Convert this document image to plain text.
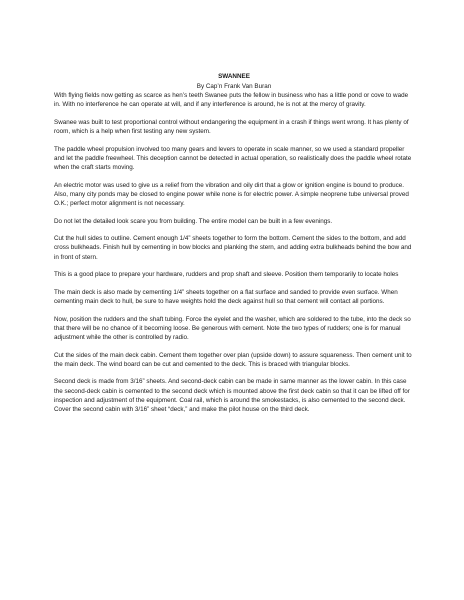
SWANNEE
By Cap’n Frank Van Buran

With flying fields now getting as scarce as hen’s teeth Swanee puts the fellow in business who has a little pond or cove to wade in. With no interference he can operate at will, and if any interference is around, he is not at the mercy of gravity.

Swanee was built to test proportional control without endangering the equipment in a crash if things went wrong. It has plenty of room, which is a help when first testing any new system.

The paddle wheel propulsion involved too many gears and levers to operate in scale manner, so we used a standard propeller and let the paddle freewheel. This deception cannot be detected in actual operation, so realistically does the paddle wheel rotate when the craft starts moving.

An electric motor was used to give us a relief from the vibration and oily dirt that a glow or ignition engine is bound to produce. Also, many city ponds may be closed to engine power while none is for electric power. A simple neoprene tube universal proved O.K.; perfect motor alignment is not necessary.

Do not let the detailed look scare you from building. The entire model can be built in a few evenings.

Cut the hull sides to outline. Cement enough 1/4” sheets together to form the bottom. Cement the sides to the bottom, and add cross bulkheads. Finish hull by cementing in bow blocks and planking the stern, and adding extra bulkheads behind the bow and in front of stern.

This is a good place to prepare your hardware, rudders and prop shaft and sleeve. Position them temporarily to locate holes

The main deck is also made by cementing 1/4” sheets together on a flat surface and sanded to provide even surface. When cementing main deck to hull, be sure to have weights hold the deck against hull so that cement will contact all portions.

Now, position the rudders and the shaft tubing. Force the eyelet and the washer, which are soldered to the tube, into the deck so that there will be no chance of it becoming loose. Be generous with cement. Note the two types of rudders; one is for manual adjustment while the other is controlled by radio.

Cut the sides of the main deck cabin. Cement them together over plan (upside down) to assure squareness. Then cement unit to the main deck. The wind board can be cut and cemented to the deck. This is braced with triangular blocks.

Second deck is made from 3/16” sheets. And second-deck cabin can be made in same manner as the lower cabin. In this case the second-deck cabin is cemented to the second deck which is mounted above the first deck cabin so that it can be lifted off for inspection and adjustment of the equipment. Coal rail, which is around the smokestacks, is also cemented to the second deck. Cover the second cabin with 3/16” sheet “deck,” and make the pilot house on the third deck.
